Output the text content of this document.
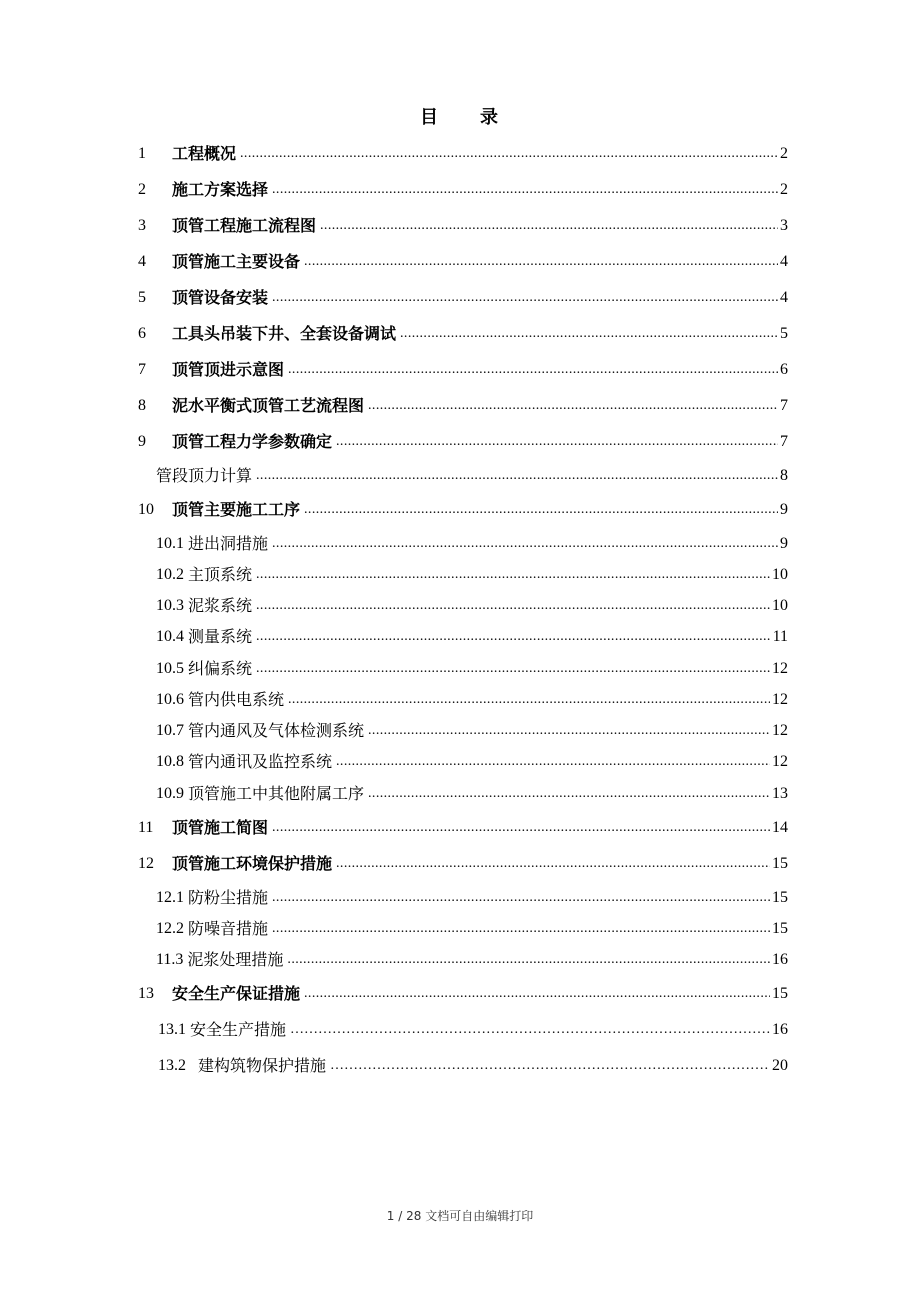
目 录
1	工程概况 .....	2
2	施工方案选择 .....	2
3	顶管工程施工流程图 .....	3
4	顶管施工主要设备 .....	4
5	顶管设备安装 .....	4
6	工具头吊装下井、全套设备调试 .....	5
7	顶管顶进示意图 .....	6
8	泥水平衡式顶管工艺流程图 .....	7
9	顶管工程力学参数确定 .....	7
管段顶力计算 .....	8
10	顶管主要施工工序 .....	9
10.1 进出洞措施 .....	9
10.2 主顶系统 .....	10
10.3 泥浆系统 .....	10
10.4 测量系统 .....	11
10.5 纠偏系统 .....	12
10.6 管内供电系统 .....	12
10.7 管内通风及气体检测系统 .....	12
10.8 管内通讯及监控系统 .....	12
10.9 顶管施工中其他附属工序 .....	13
11	顶管施工简图 .....	14
12	顶管施工环境保护措施 .....	15
12.1 防粉尘措施 .....	15
12.2 防噪音措施 .....	15
11.3 泥浆处理措施 .....	16
13	安全生产保证措施 .....	15
13.1 安全生产措施 ……………………………………………………………………………………………………	16
13.2 建构筑物保护措施 ……………………………………………………………………………………………………	20
1 / 28 文档可自由编辑打印
